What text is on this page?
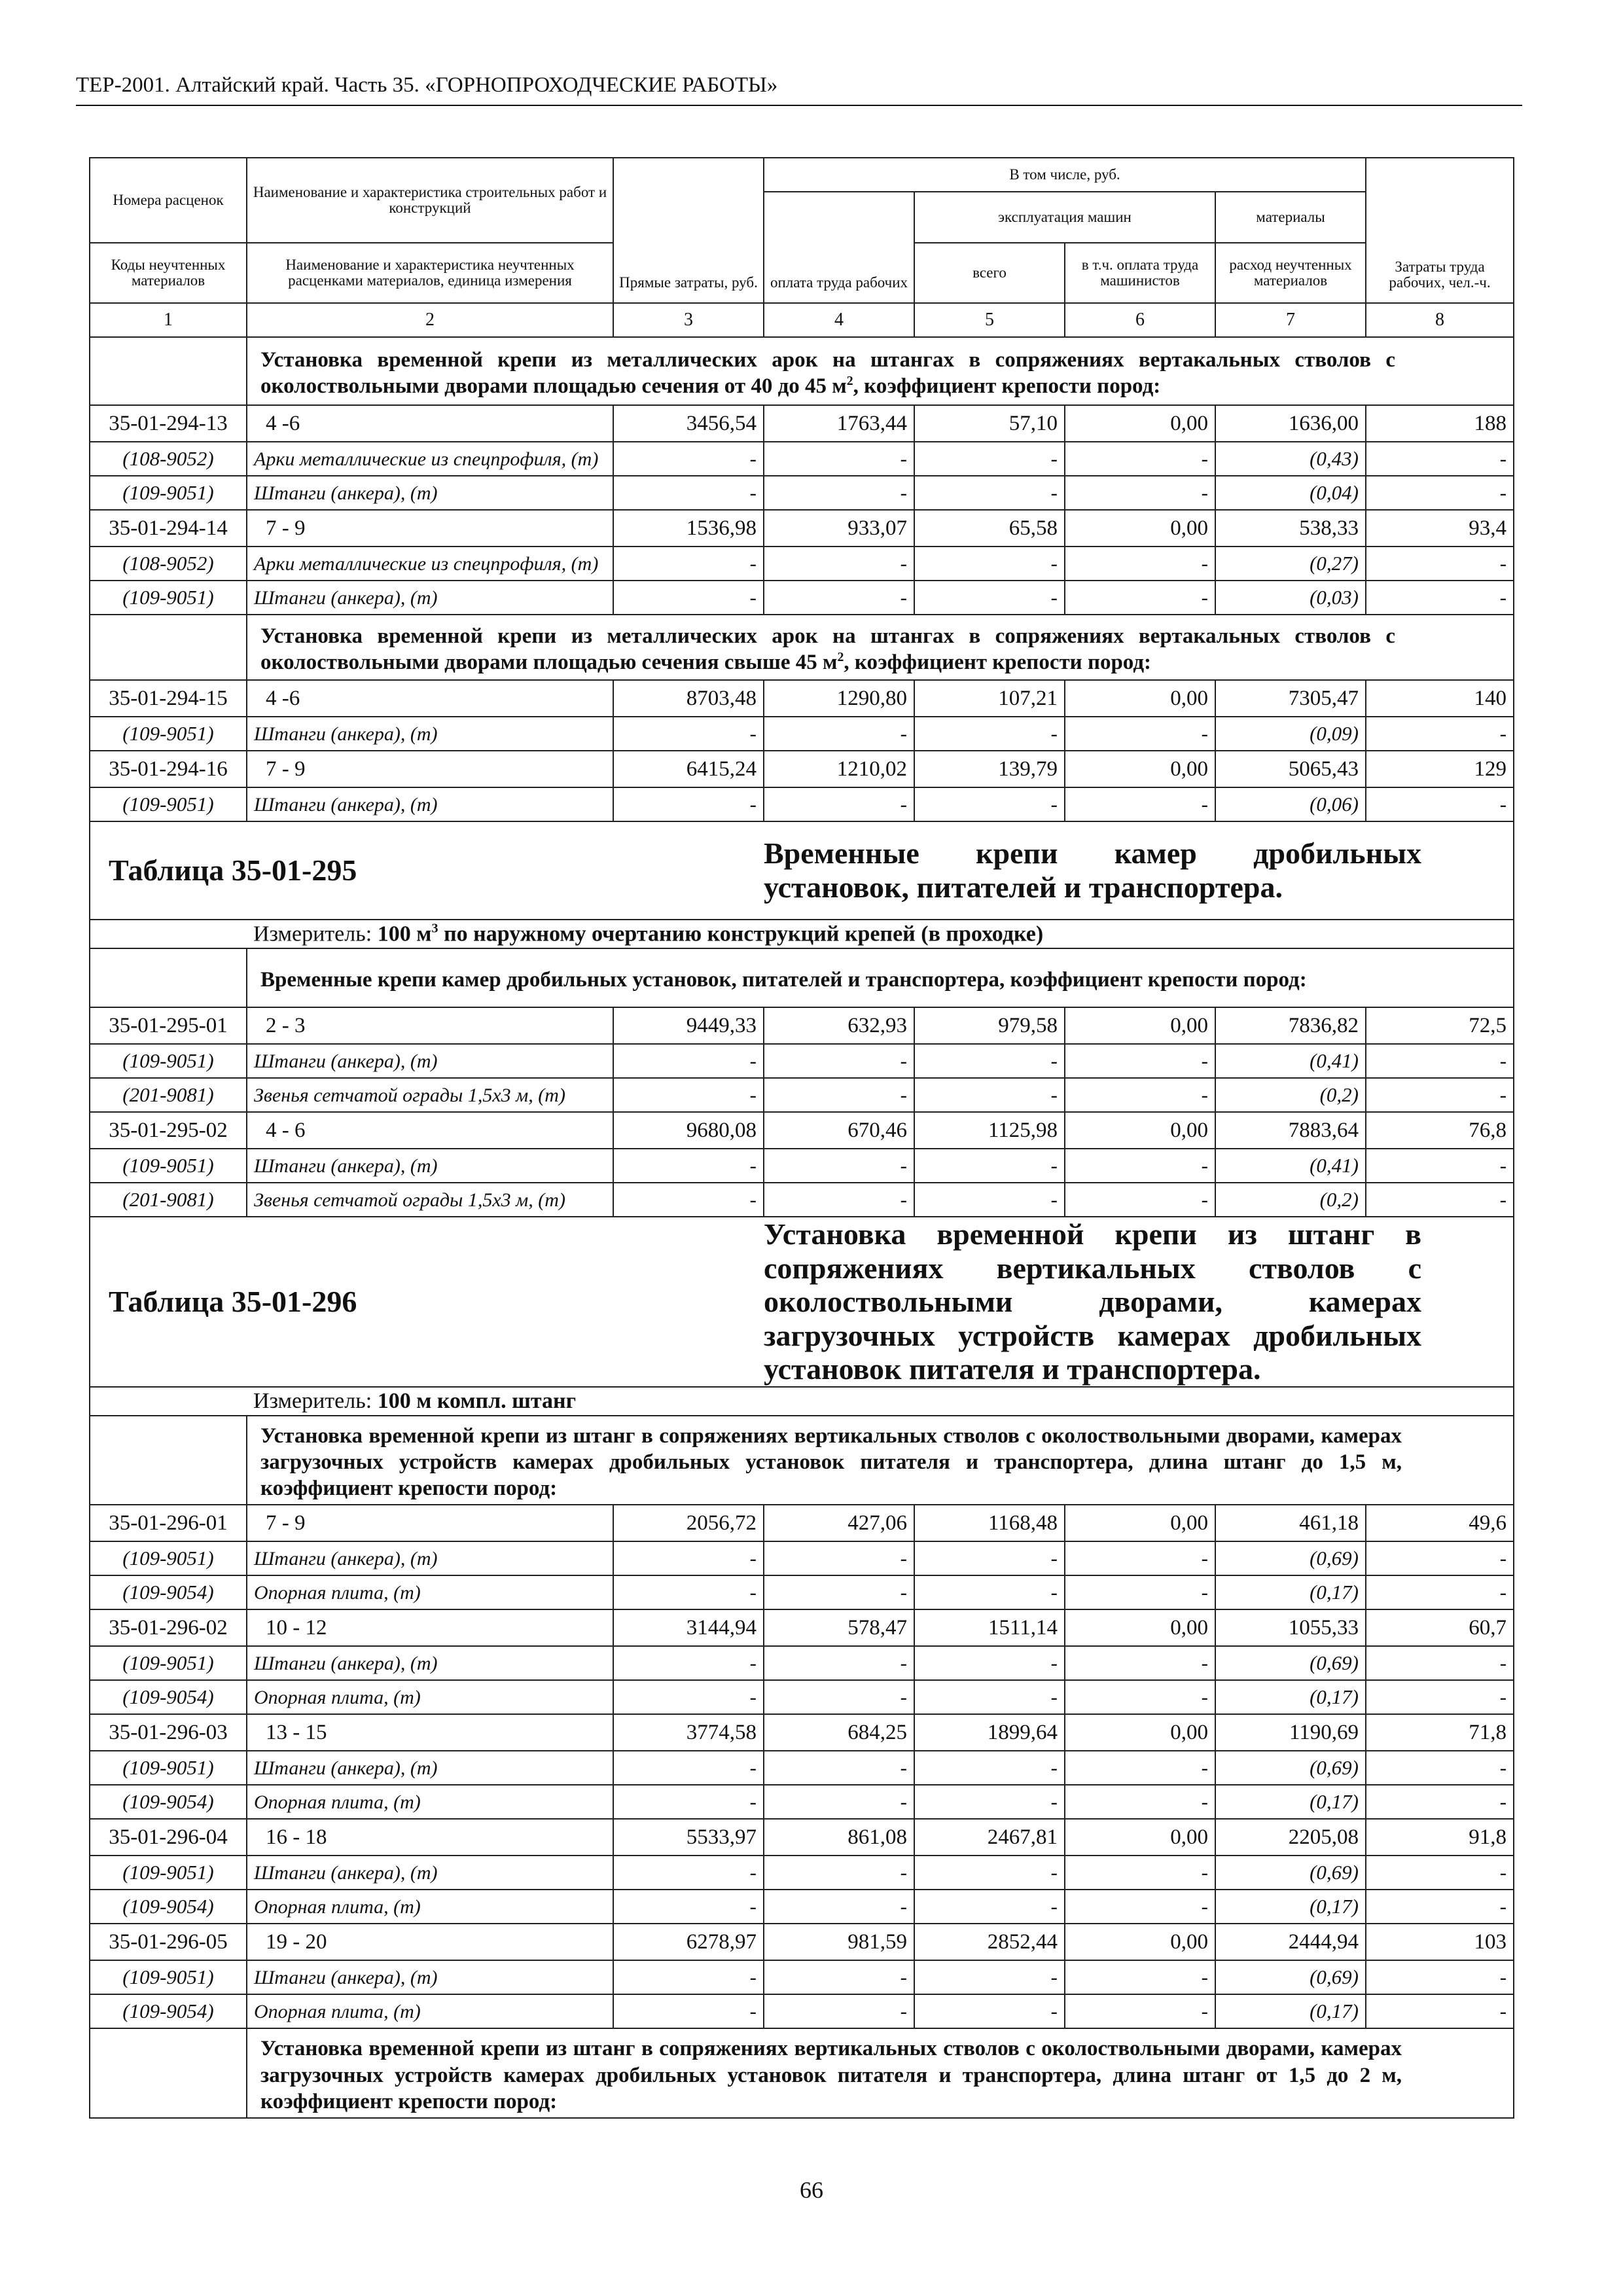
ТЕР-2001. Алтайский край. Часть 35. «ГОРНОПРОХОДЧЕСКИЕ РАБОТЫ»
Номера расценок	Наименование и характеристика строительных работ и конструкций	Прямые затраты, руб.	В том числе, руб.				Затраты труда рабочих, чел.-ч.
			оплата труда рабочих	эксплуатация машин		материалы	
Коды неучтенных материалов	Наименование и характеристика неучтенных расценками материалов, единица измерения			всего	в т.ч. оплата труда машинистов	расход неучтенных материалов	
1	2	3	4	5	6	7	8
	Установка временной крепи из металлических арок на штангах в сопряжениях вертакальных стволов с околоствольными дворами площадью сечения от 40 до 45 $м^2$, коэффициент крепости пород:						
35-01-294-13	4 -6	3456,54	1763,44	57,10	0,00	1636,00	188
(108-9052)	Арки металлические из спецпрофиля, (т)	-	-	-	-	(0,43)	-
(109-9051)	Штанги (анкера), (т)	-	-	-	-	(0,04)	-
35-01-294-14	7 - 9	1536,98	933,07	65,58	0,00	538,33	93,4
(108-9052)	Арки металлические из спецпрофиля, (т)	-	-	-	-	(0,27)	-
(109-9051)	Штанги (анкера), (т)	-	-	-	-	(0,03)	-
	Установка временной крепи из металлических арок на штангах в сопряжениях вертакальных стволов с околоствольными дворами площадью сечения свыше 45 $м^2$, коэффициент крепости пород:						
35-01-294-15	4 -6	8703,48	1290,80	107,21	0,00	7305,47	140
(109-9051)	Штанги (анкера), (т)	-	-	-	-	(0,09)	-
35-01-294-16	7 - 9	6415,24	1210,02	139,79	0,00	5065,43	129
(109-9051)	Штанги (анкера), (т)	-	-	-	-	(0,06)	-
Таблица 35-01-295			Временные крепи камер дробильных установок, питателей и транспортера.				
	Измеритель: 100 $м^3$ по наружному очертанию конструкций крепей (в проходке)						
	Временные крепи камер дробильных установок, питателей и транспортера, коэффициент крепости пород:						
35-01-295-01	2 - 3	9449,33	632,93	979,58	0,00	7836,82	72,5
(109-9051)	Штанги (анкера), (т)	-	-	-	-	(0,41)	-
(201-9081)	Звенья сетчатой ограды 1,5х3 м, (т)	-	-	-	-	(0,2)	-
35-01-295-02	4 - 6	9680,08	670,46	1125,98	0,00	7883,64	76,8
(109-9051)	Штанги (анкера), (т)	-	-	-	-	(0,41)	-
(201-9081)	Звенья сетчатой ограды 1,5х3 м, (т)	-	-	-	-	(0,2)	-
Таблица 35-01-296			Установка временной крепи из штанг в сопряжениях вертикальных стволов с околоствольными дворами, камерах загрузочных устройств камерах дробильных установок питателя и транспортера.				
	Измеритель: 100 м компл. штанг						
	Установка временной крепи из штанг в сопряжениях вертикальных стволов с околоствольными дворами, камерах загрузочных устройств камерах дробильных установок питателя и транспортера, длина штанг до 1,5 м, коэффициент крепости пород:						
35-01-296-01	7 - 9	2056,72	427,06	1168,48	0,00	461,18	49,6
(109-9051)	Штанги (анкера), (т)	-	-	-	-	(0,69)	-
(109-9054)	Опорная плита, (т)	-	-	-	-	(0,17)	-
35-01-296-02	10 - 12	3144,94	578,47	1511,14	0,00	1055,33	60,7
(109-9051)	Штанги (анкера), (т)	-	-	-	-	(0,69)	-
(109-9054)	Опорная плита, (т)	-	-	-	-	(0,17)	-
35-01-296-03	13 - 15	3774,58	684,25	1899,64	0,00	1190,69	71,8
(109-9051)	Штанги (анкера), (т)	-	-	-	-	(0,69)	-
(109-9054)	Опорная плита, (т)	-	-	-	-	(0,17)	-
35-01-296-04	16 - 18	5533,97	861,08	2467,81	0,00	2205,08	91,8
(109-9051)	Штанги (анкера), (т)	-	-	-	-	(0,69)	-
(109-9054)	Опорная плита, (т)	-	-	-	-	(0,17)	-
35-01-296-05	19 - 20	6278,97	981,59	2852,44	0,00	2444,94	103
(109-9051)	Штанги (анкера), (т)	-	-	-	-	(0,69)	-
(109-9054)	Опорная плита, (т)	-	-	-	-	(0,17)	-
	Установка временной крепи из штанг в сопряжениях вертикальных стволов с околоствольными дворами, камерах загрузочных устройств камерах дробильных установок питателя и транспортера, длина штанг от 1,5 до 2 м, коэффициент крепости пород:						
66
